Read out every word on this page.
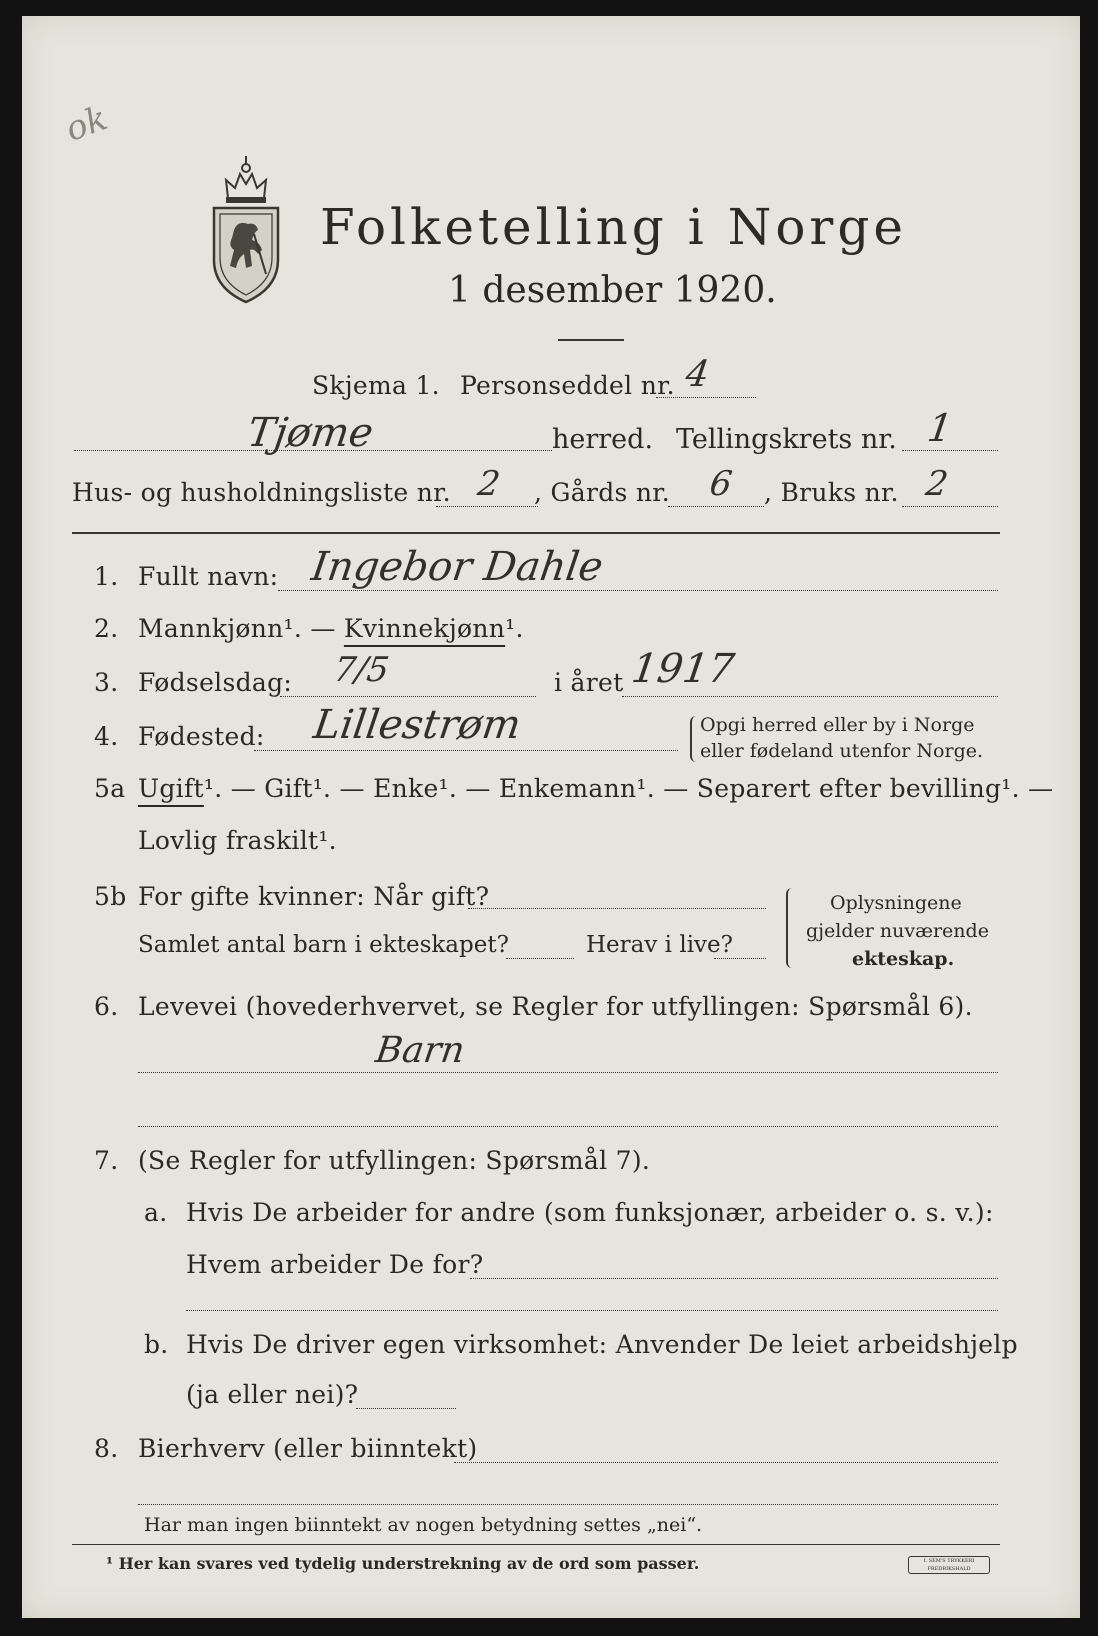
ok
Folketelling i Norge
1 desember 1920.
Skjema 1. Personseddel nr. 4
Tjøme	herred. Tellingskrets nr. 1
Hus- og husholdningsliste nr. 2 , Gårds nr. 6 , Bruks nr. 2
1. Fullt navn: Ingebor Dahle
2. Mannkjønn¹. — Kvinnekjønn¹.
3. Fødselsdag: 7/5	i året 1917
4. Fødested: Lillestrøm	Opgi herred eller by i Norge
eller fødeland utenfor Norge.
5a Ugift¹. — Gift¹. — Enke¹. — Enkemann¹. — Separert efter bevilling¹. —
Lovlig fraskilt¹.
5b For gifte kvinner: Når gift?
Samlet antal barn i ekteskapet?	Herav i live?
Oplysningene
gjelder nuværende
ekteskap.
6. Levevei (hovederhvervet, se Regler for utfyllingen: Spørsmål 6).
Barn
7. (Se Regler for utfyllingen: Spørsmål 7).
a. Hvis De arbeider for andre (som funksjonær, arbeider o. s. v.):
Hvem arbeider De for?
b. Hvis De driver egen virksomhet: Anvender De leiet arbeidshjelp
(ja eller nei)?
8. Bierhverv (eller biinntekt)
Har man ingen biinntekt av nogen betydning settes „nei“.
¹ Her kan svares ved tydelig understrekning av de ord som passer.	I. SEM'S TRYKKERI FREDRIKSHALD
